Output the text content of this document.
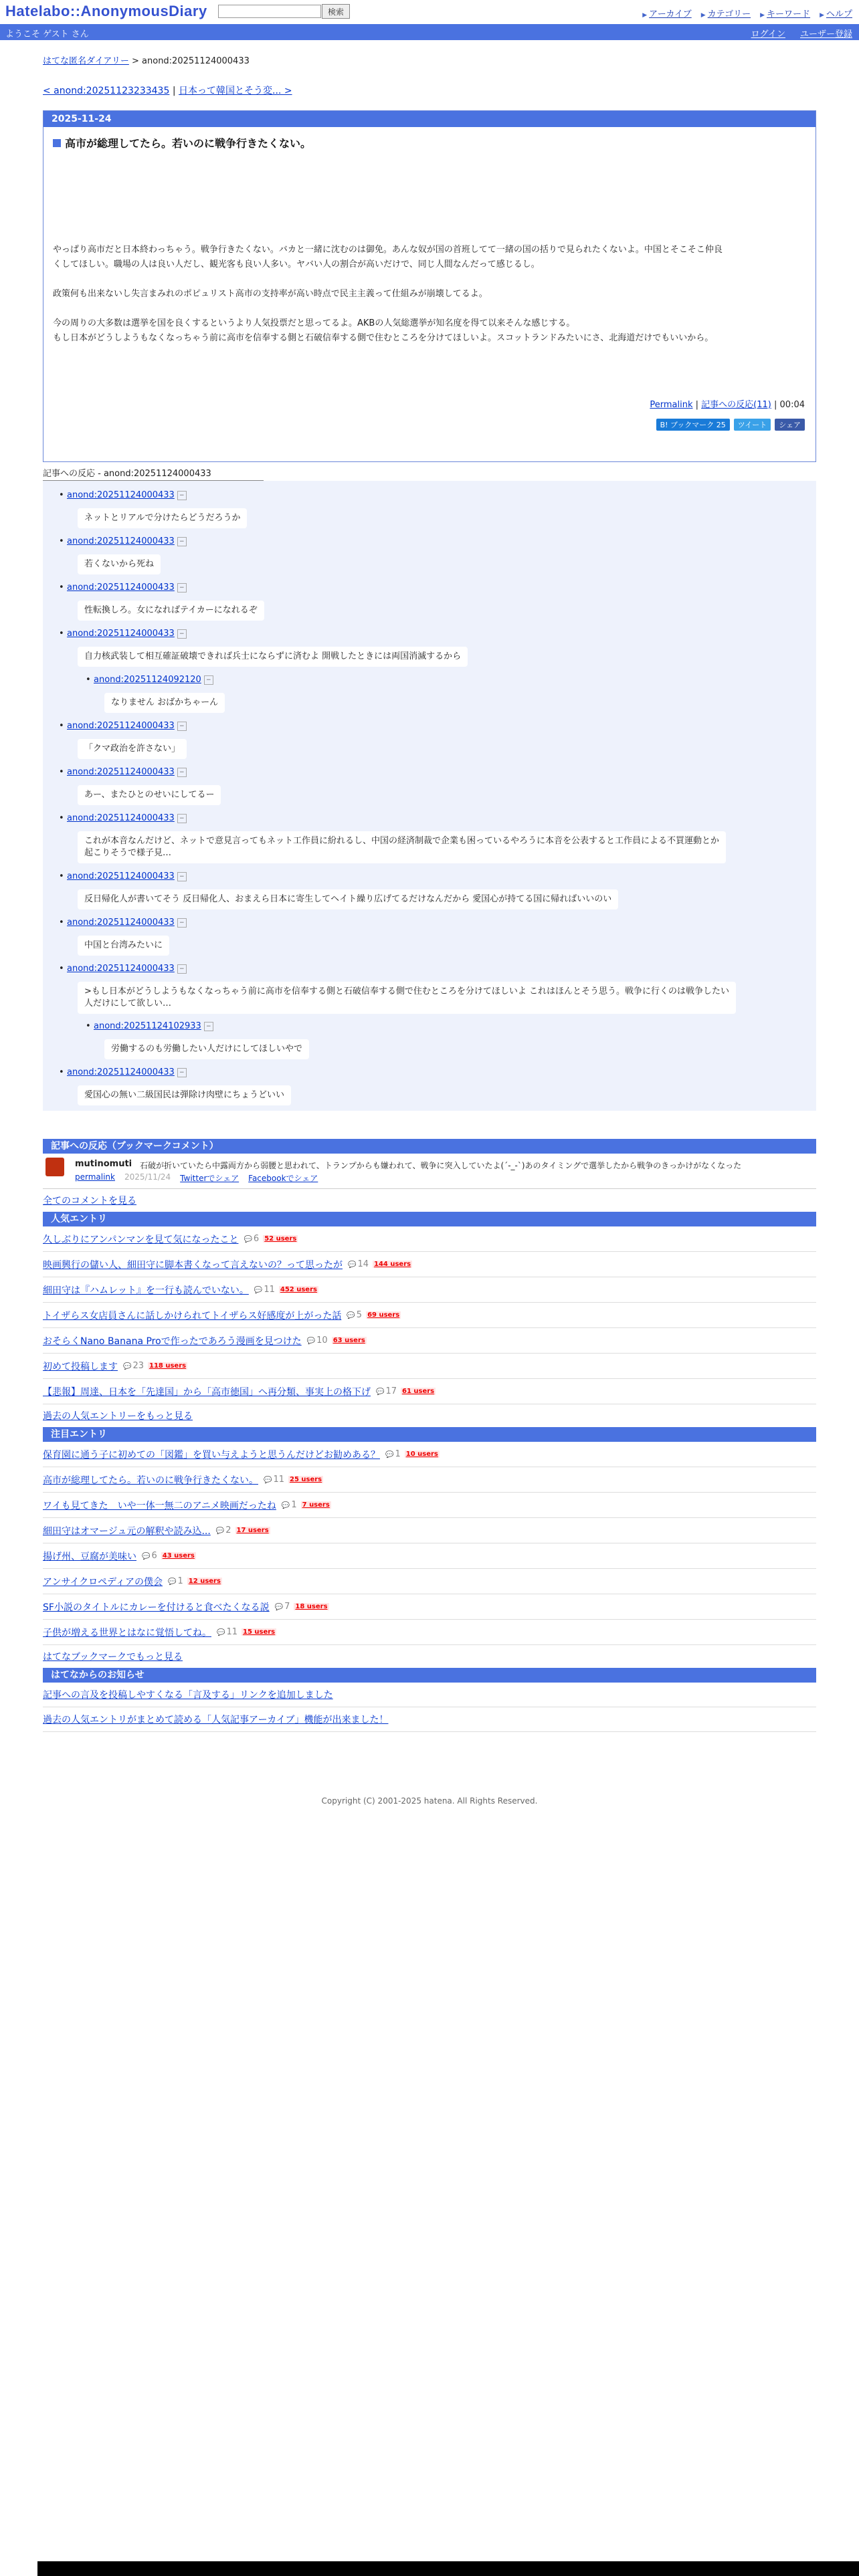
Hatelabo::AnonymousDiary	検索	▶ アーカイブ	▶ カテゴリー	▶ キーワード	▶ ヘルプ
ようこそ ゲスト さん	ログイン ユーザー登録
はてな匿名ダイアリー > anond:20251124000433
< anond:20251123233435 | 日本って韓国とそう変... >
2025-11-24
高市が総理してたら。若いのに戦争行きたくない。

やっぱり高市だと日本終わっちゃう。戦争行きたくない。バカと一緒に沈むのは御免。あんな奴が国の首班してて一緒の国の括りで見られたくないよ。中国とそこそこ仲良
くしてほしい。職場の人は良い人だし、観光客も良い人多い。ヤバい人の割合が高いだけで、同じ人間なんだって感じるし。

政策何も出来ないし失言まみれのポピュリスト高市の支持率が高い時点で民主主義って仕組みが崩壊してるよ。

今の周りの大多数は選挙を国を良くするというより人気投票だと思ってるよ。AKBの人気総選挙が知名度を得て以来そんな感じする。
もし日本がどうしようもなくなっちゃう前に高市を信奉する側と石破信奉する側で住むところを分けてほしいよ。スコットランドみたいにさ、北海道だけでもいいから。

Permalink | 記事への反応(11) | 00:04
B! ブックマーク 25	ツイート	シェア
記事への反応 - anond:20251124000433
• anond:20251124000433 −
ネットとリアルで分けたらどうだろうか
• anond:20251124000433 −
若くないから死ね
• anond:20251124000433 −
性転換しろ。女になればテイカーになれるぞ
• anond:20251124000433 −
自力核武装して相互確証破壊できれば兵士にならずに済むよ 開戦したときには両国消滅するから
• anond:20251124092120 −
なりません おばかちゃーん
• anond:20251124000433 −
「クマ政治を許さない」
• anond:20251124000433 −
あー、またひとのせいにしてるー
• anond:20251124000433 −
これが本音なんだけど、ネットで意見言ってもネット工作員に紛れるし、中国の経済制裁で企業も困っているやろうに本音を公表すると工作員による不買運動とか
起こりそうで様子見…
• anond:20251124000433 −
反日帰化人が書いてそう 反日帰化人、おまえら日本に寄生してヘイト繰り広げてるだけなんだから 愛国心が持てる国に帰ればいいのい
• anond:20251124000433 −
中国と台湾みたいに
• anond:20251124000433 −
>もし日本がどうしようもなくなっちゃう前に高市を信奉する側と石破信奉する側で住むところを分けてほしいよ これはほんとそう思う。戦争に行くのは戦争したい
人だけにして欲しい…
• anond:20251124102933 −
労働するのも労働したい人だけにしてほしいやで
• anond:20251124000433 −
愛国心の無い二級国民は弾除け肉壁にちょうどいい
記事への反応（ブックマークコメント）
mutinomuti 石破が折いていたら中露両方から弱腰と思われて、トランプからも嫌われて、戦争に突入していたよ(´-_-`)あのタイミングで選挙したから戦争のきっかけがなくなった
permalink 2025/11/24 Twitterでシェア Facebookでシェア
全てのコメントを見る
人気エントリ
久しぶりにアンパンマンを見て気になったこと	💬 6 52 users
映画興行の儲い人、細田守に脚本書くなって言えないの？って思ったが	💬 14 144 users
細田守は『ハムレット』を一行も読んでいない。	💬 11 452 users
トイザらス女店員さんに話しかけられてトイザらス好感度が上がった話	💬 5 69 users
おそらくNano Banana Proで作ったであろう漫画を見つけた	💬 10 63 users
初めて投稿します	💬 23 118 users
【悲報】周達、日本を「先達国」から「高市徳国」へ再分類、事実上の格下げ	💬 17 61 users
過去の人気エントリーをもっと見る
注目エントリ
保育園に通う子に初めての「図鑑」を買い与えようと思うんだけどお勧めある？	💬 1 10 users
高市が総理してたら。若いのに戦争行きたくない。	💬 11 25 users
ワイも見てきた　いや一体一無二のアニメ映画だったね	💬 1 7 users
細田守はオマージュ元の解釈や読み込...	💬 2 17 users
揚げ州、豆腐が美味い	💬 6 43 users
アンサイクロペディアの僕会	💬 1 12 users
SF小説のタイトルにカレーを付けると食べたくなる説	💬 7 18 users
子供が増える世界とはなに覚悟してね。	💬 11 15 users
はてなブックマークでもっと見る
はてなからのお知らせ
記事への言及を投稿しやすくなる「言及する」リンクを追加しました
過去の人気エントリがまとめて読める「人気記事アーカイブ」機能が出来ました！
Copyright (C) 2001-2025 hatena. All Rights Reserved.
